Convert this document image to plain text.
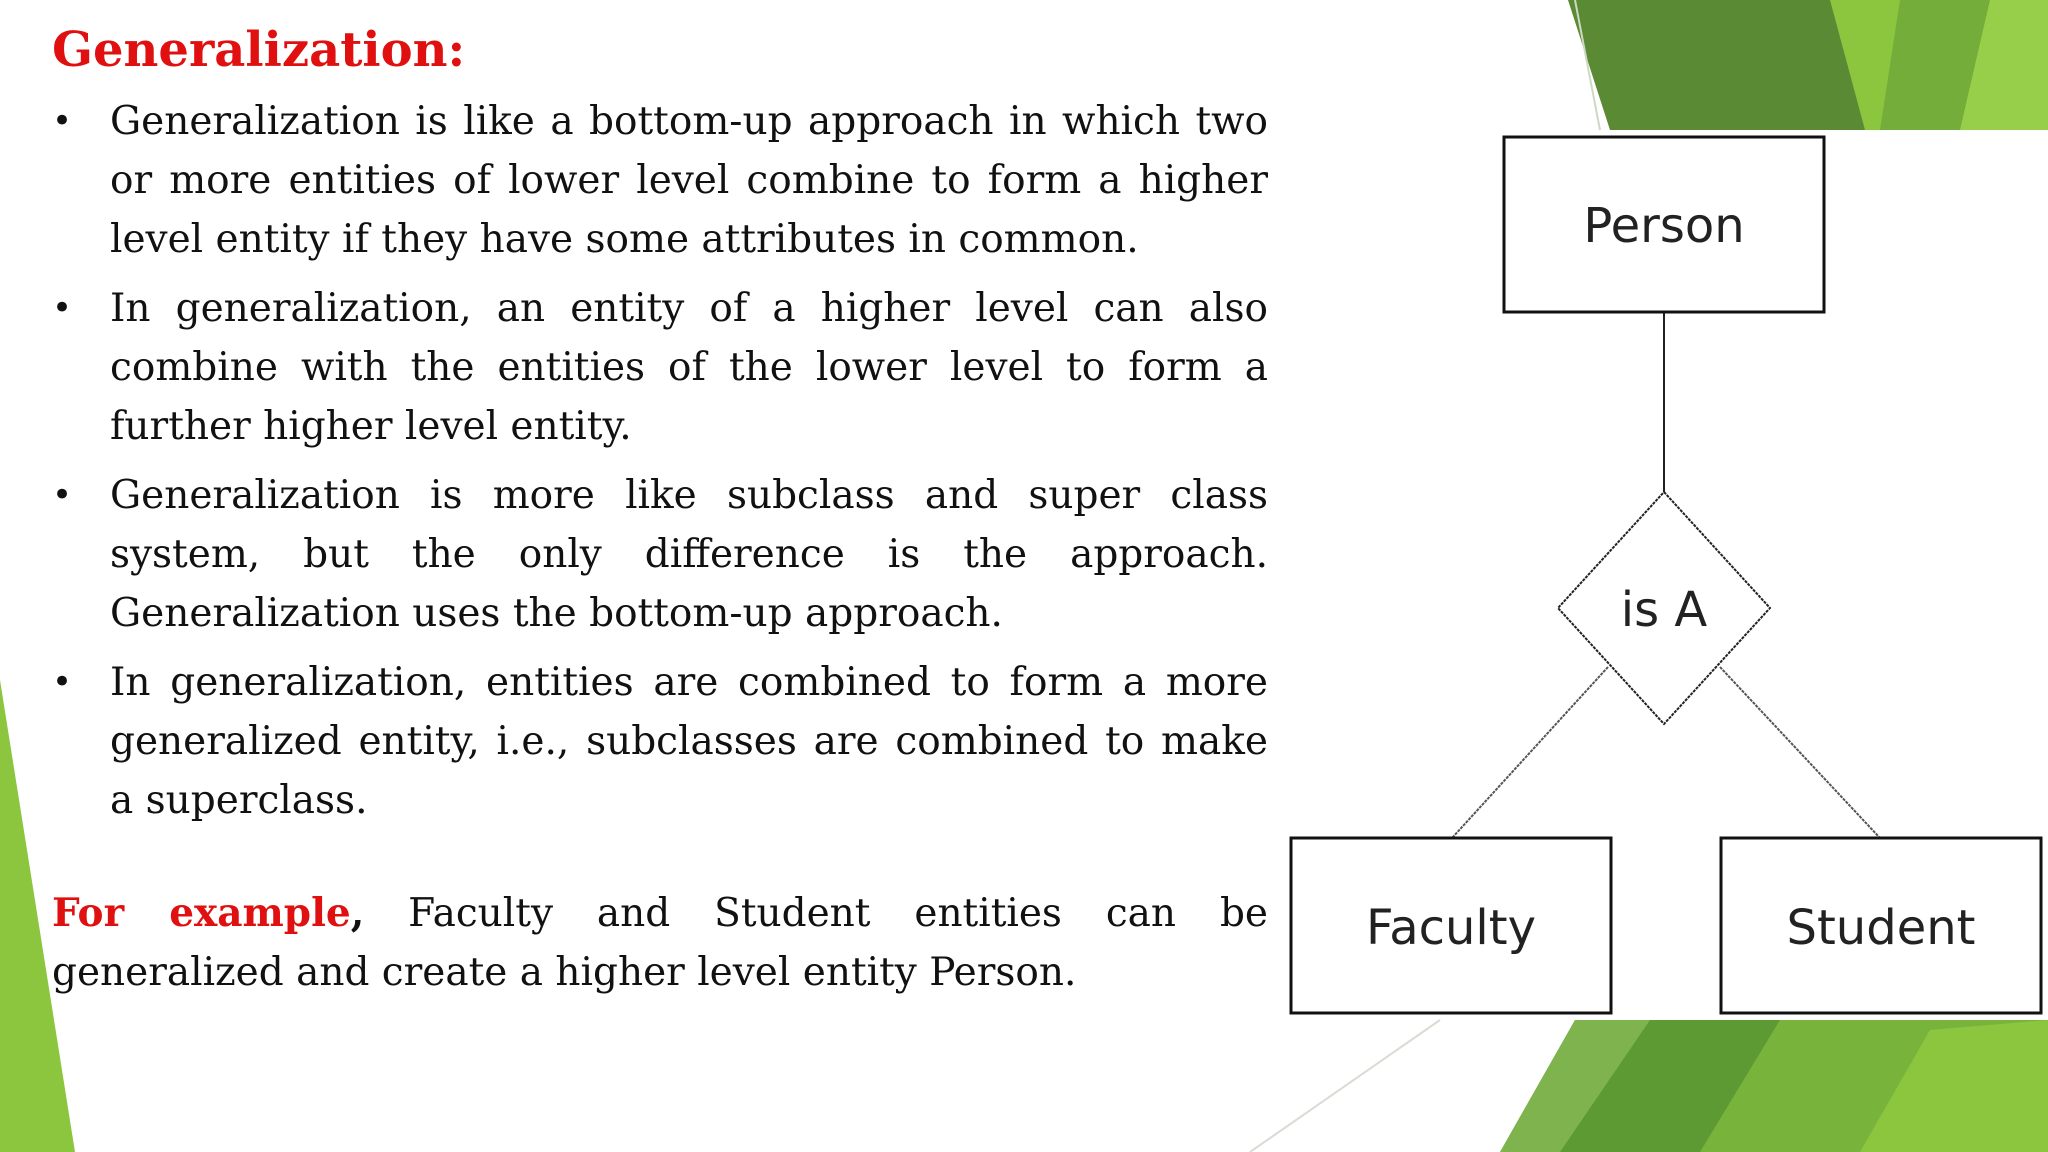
Generalization:
• Generalization is like a bottom-up approach in which two or more entities of lower level combine to form a higher level entity if they have some attributes in common.
• In generalization, an entity of a higher level can also combine with the entities of the lower level to form a further higher level entity.
• Generalization is more like subclass and super class system, but the only difference is the approach. Generalization uses the bottom-up approach.
• In generalization, entities are combined to form a more generalized entity, i.e., subclasses are combined to make a superclass.
For example, Faculty and Student entities can be generalized and create a higher level entity Person.
Person
is A
Faculty	Student
